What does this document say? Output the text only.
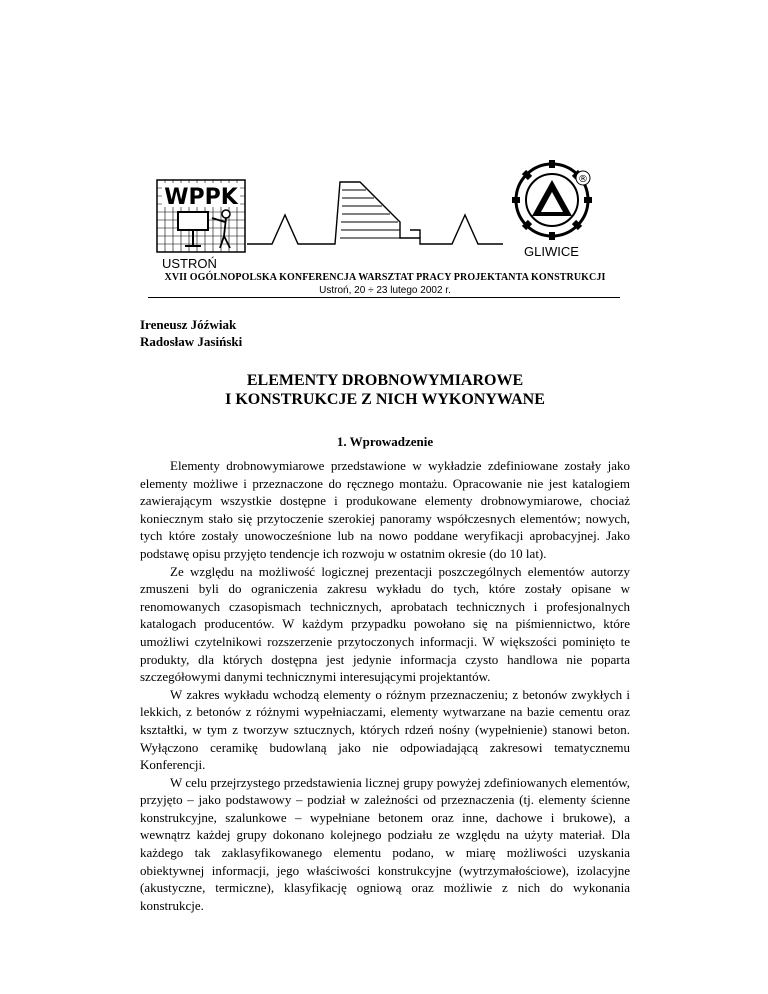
WPPK
®
USTROŃ
GLIWICE
XVII OGÓLNOPOLSKA KONFERENCJA WARSZTAT PRACY PROJEKTANTA KONSTRUKCJI
Ustroń, 20 ÷ 23 lutego 2002 r.
Ireneusz Jóźwiak
Radosław Jasiński
ELEMENTY DROBNOWYMIAROWE
I KONSTRUKCJE Z NICH WYKONYWANE
1. Wprowadzenie

Elementy drobnowymiarowe przedstawione w wykładzie zdefiniowane zostały jako elementy możliwe i przeznaczone do ręcznego montażu. Opracowanie nie jest katalogiem zawierającym wszystkie dostępne i produkowane elementy drobnowymiarowe, chociaż koniecznym stało się przytoczenie szerokiej panoramy współczesnych elementów; nowych, tych które zostały unowocześnione lub na nowo poddane weryfikacji aprobacyjnej. Jako podstawę opisu przyjęto tendencje ich rozwoju w ostatnim okresie (do 10 lat).

Ze względu na możliwość logicznej prezentacji poszczególnych elementów autorzy zmuszeni byli do ograniczenia zakresu wykładu do tych, które zostały opisane w renomowanych czasopismach technicznych, aprobatach technicznych i profesjonalnych katalogach producentów. W każdym przypadku powołano się na piśmiennictwo, które umożliwi czytelnikowi rozszerzenie przytoczonych informacji. W większości pominięto te produkty, dla których dostępna jest jedynie informacja czysto handlowa nie poparta szczegółowymi danymi technicznymi interesującymi projektantów.

W zakres wykładu wchodzą elementy o różnym przeznaczeniu; z betonów zwykłych i lekkich, z betonów z różnymi wypełniaczami, elementy wytwarzane na bazie cementu oraz kształtki, w tym z tworzyw sztucznych, których rdzeń nośny (wypełnienie) stanowi beton. Wyłączono ceramikę budowlaną jako nie odpowiadającą zakresowi tematycznemu Konferencji.

W celu przejrzystego przedstawienia licznej grupy powyżej zdefiniowanych elementów, przyjęto – jako podstawowy – podział w zależności od przeznaczenia (tj. elementy ścienne konstrukcyjne, szalunkowe – wypełniane betonem oraz inne, dachowe i brukowe), a wewnątrz każdej grupy dokonano kolejnego podziału ze względu na użyty materiał. Dla każdego tak zaklasyfikowanego elementu podano, w miarę możliwości uzyskania obiektywnej informacji, jego właściwości konstrukcyjne (wytrzymałościowe), izolacyjne (akustyczne, termiczne), klasyfikację ogniową oraz możliwie z nich do wykonania konstrukcje.
